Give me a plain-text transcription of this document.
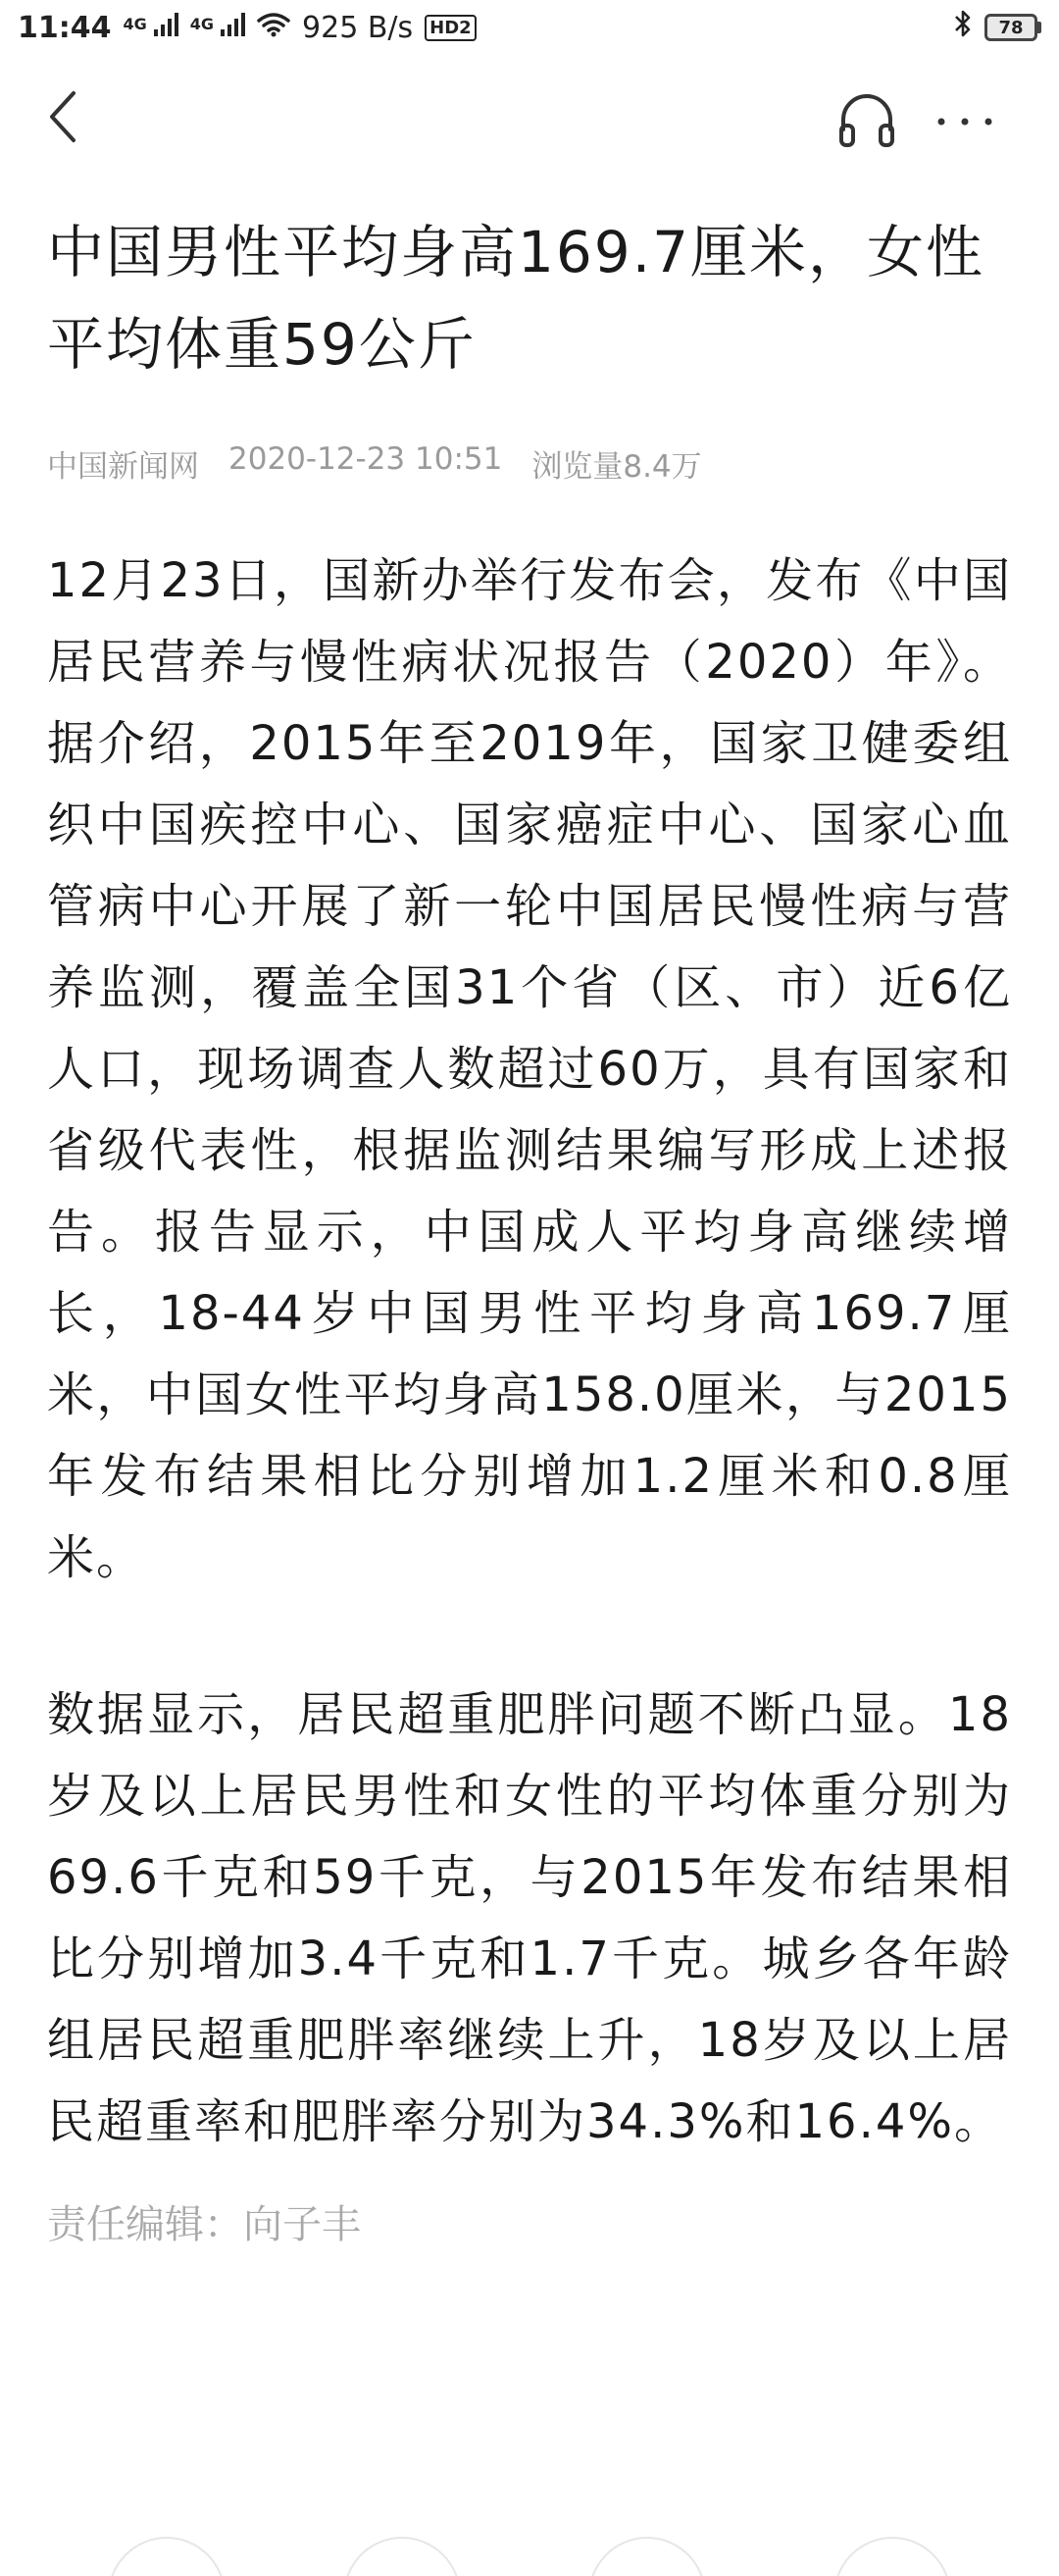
11:44 4G	4G	925 B/s HD2	78
中国男性平均身高169.7厘米，女性平均体重59公斤
中国新闻网 2020-12-23 10:51 浏览量8.4万

12月23日，国新办举行发布会，发布《中国居民营养与慢性病状况报告（2020）年》。据介绍，2015年至2019年，国家卫健委组织中国疾控中心、国家癌症中心、国家心血管病中心开展了新一轮中国居民慢性病与营养监测，覆盖全国31个省（区、市）近6亿人口，现场调查人数超过60万，具有国家和省级代表性，根据监测结果编写形成上述报告。报告显示，中国成人平均身高继续增长，18-44岁中国男性平均身高169.7厘米，中国女性平均身高158.0厘米，与2015年发布结果相比分别增加1.2厘米和0.8厘米。

数据显示，居民超重肥胖问题不断凸显。18岁及以上居民男性和女性的平均体重分别为69.6千克和59千克，与2015年发布结果相比分别增加3.4千克和1.7千克。城乡各年龄组居民超重肥胖率继续上升，18岁及以上居民超重率和肥胖率分别为34.3%和16.4%。

责任编辑：向子丰
